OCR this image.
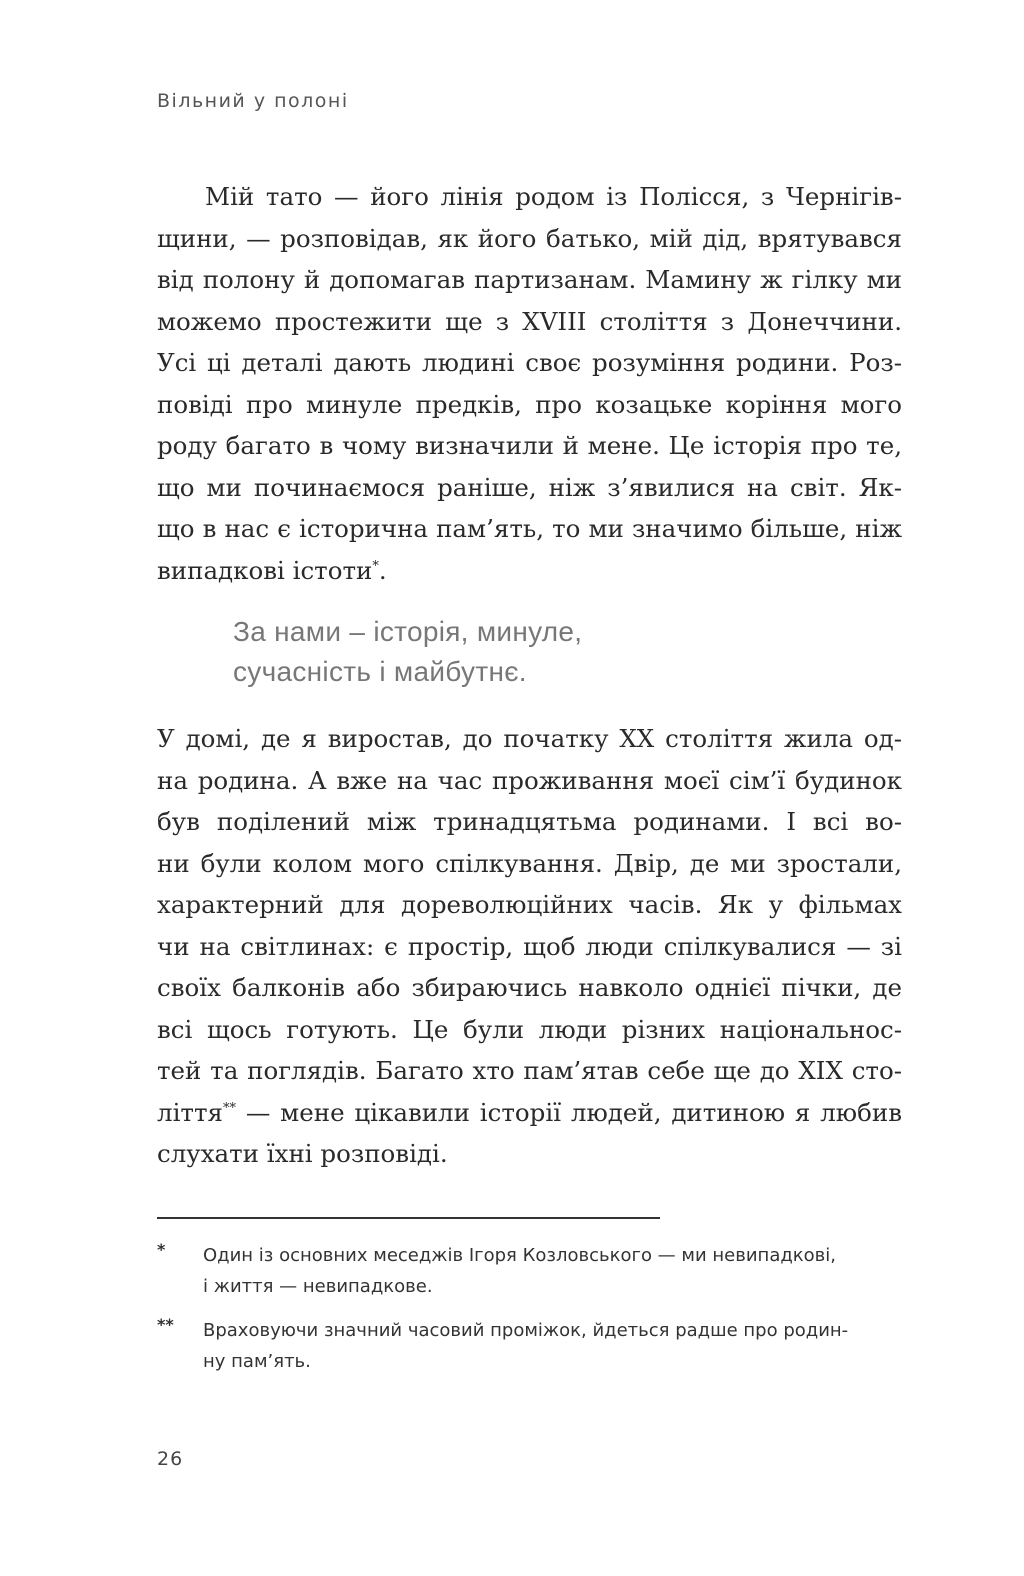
Вільний у полоні
Мій тато — його лінія родом із Полісся, з Чернігів-
щини, — розповідав, як його батько, мій дід, врятувався
від полону й допомагав партизанам. Мамину ж гілку ми
можемо простежити ще з XVIII століття з Донеччини.
Усі ці деталі дають людині своє розуміння родини. Роз-
повіді про минуле предків, про козацьке коріння мого
роду багато в чому визначили й мене. Це історія про те,
що ми починаємося раніше, ніж з’явилися на світ. Як-
що в нас є історична пам’ять, то ми значимо більше, ніж
випадкові істоти*.
За нами – історія, минуле,
сучасність і майбутнє.
У домі, де я виростав, до початку XX століття жила од-
на родина. А вже на час проживання моєї сім’ї будинок
був поділений між тринадцятьма родинами. І всі во-
ни були колом мого спілкування. Двір, де ми зростали,
характерний для дореволюційних часів. Як у фільмах
чи на світлинах: є простір, щоб люди спілкувалися — зі
своїх балконів або збираючись навколо однієї пічки, де
всі щось готують. Це були люди різних національнос-
тей та поглядів. Багато хто пам’ятав себе ще до XIX сто-
ліття** — мене цікавили історії людей, дитиною я любив
слухати їхні розповіді.
* Один із основних меседжів Ігоря Козловського — ми невипадкові,
і життя — невипадкове.
** Враховуючи значний часовий проміжок, йдеться радше про родин-
ну пам’ять.
26
